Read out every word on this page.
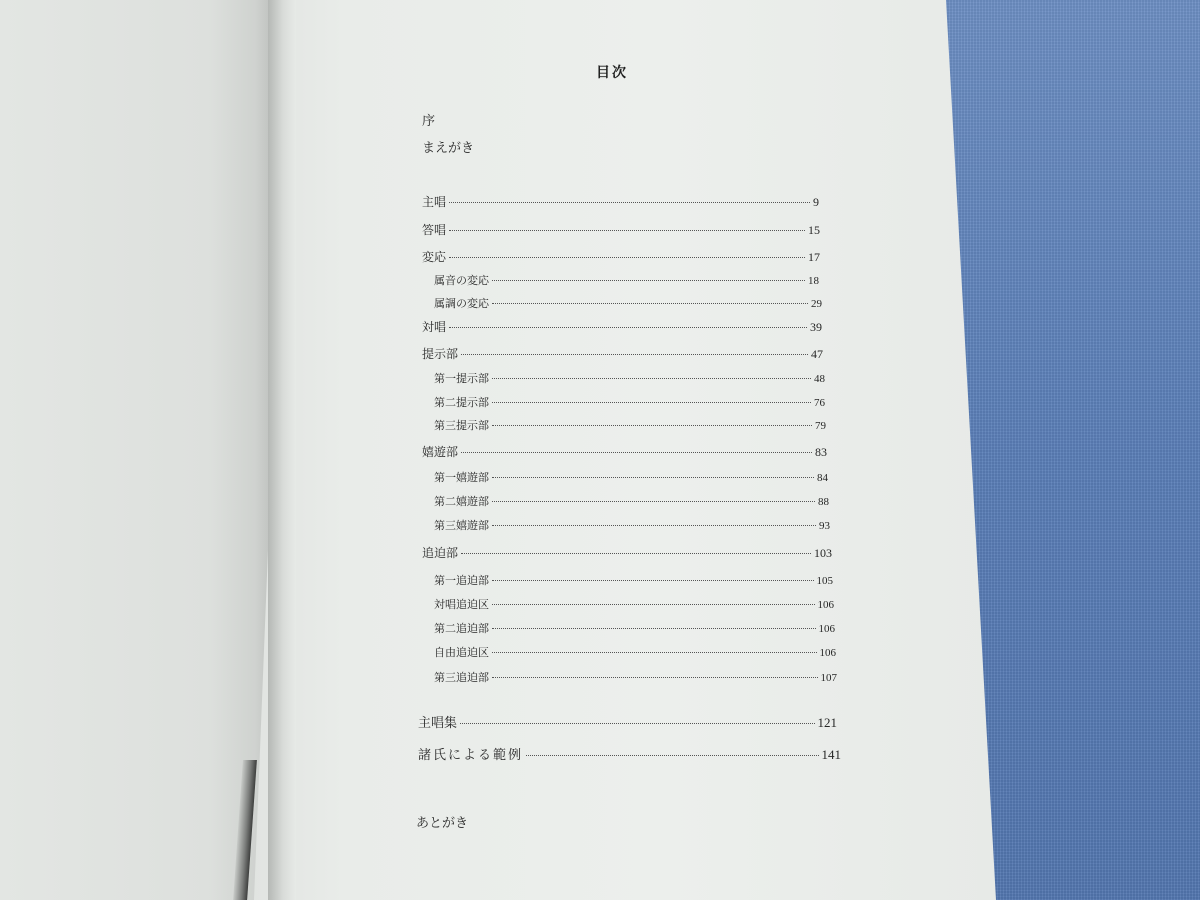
目次
序
まえがき
主唱	9
答唱	15
変応	17
属音の変応	18
属調の変応	29
対唱	39
提示部	47
第一提示部	48
第二提示部	76
第三提示部	79
嬉遊部	83
第一嬉遊部	84
第二嬉遊部	88
第三嬉遊部	93
追迫部	103
第一追迫部	105
対唱追迫区	106
第二追迫部	106
自由追迫区	106
第三追迫部	107
主唱集	121
諸氏による範例	141
あとがき
